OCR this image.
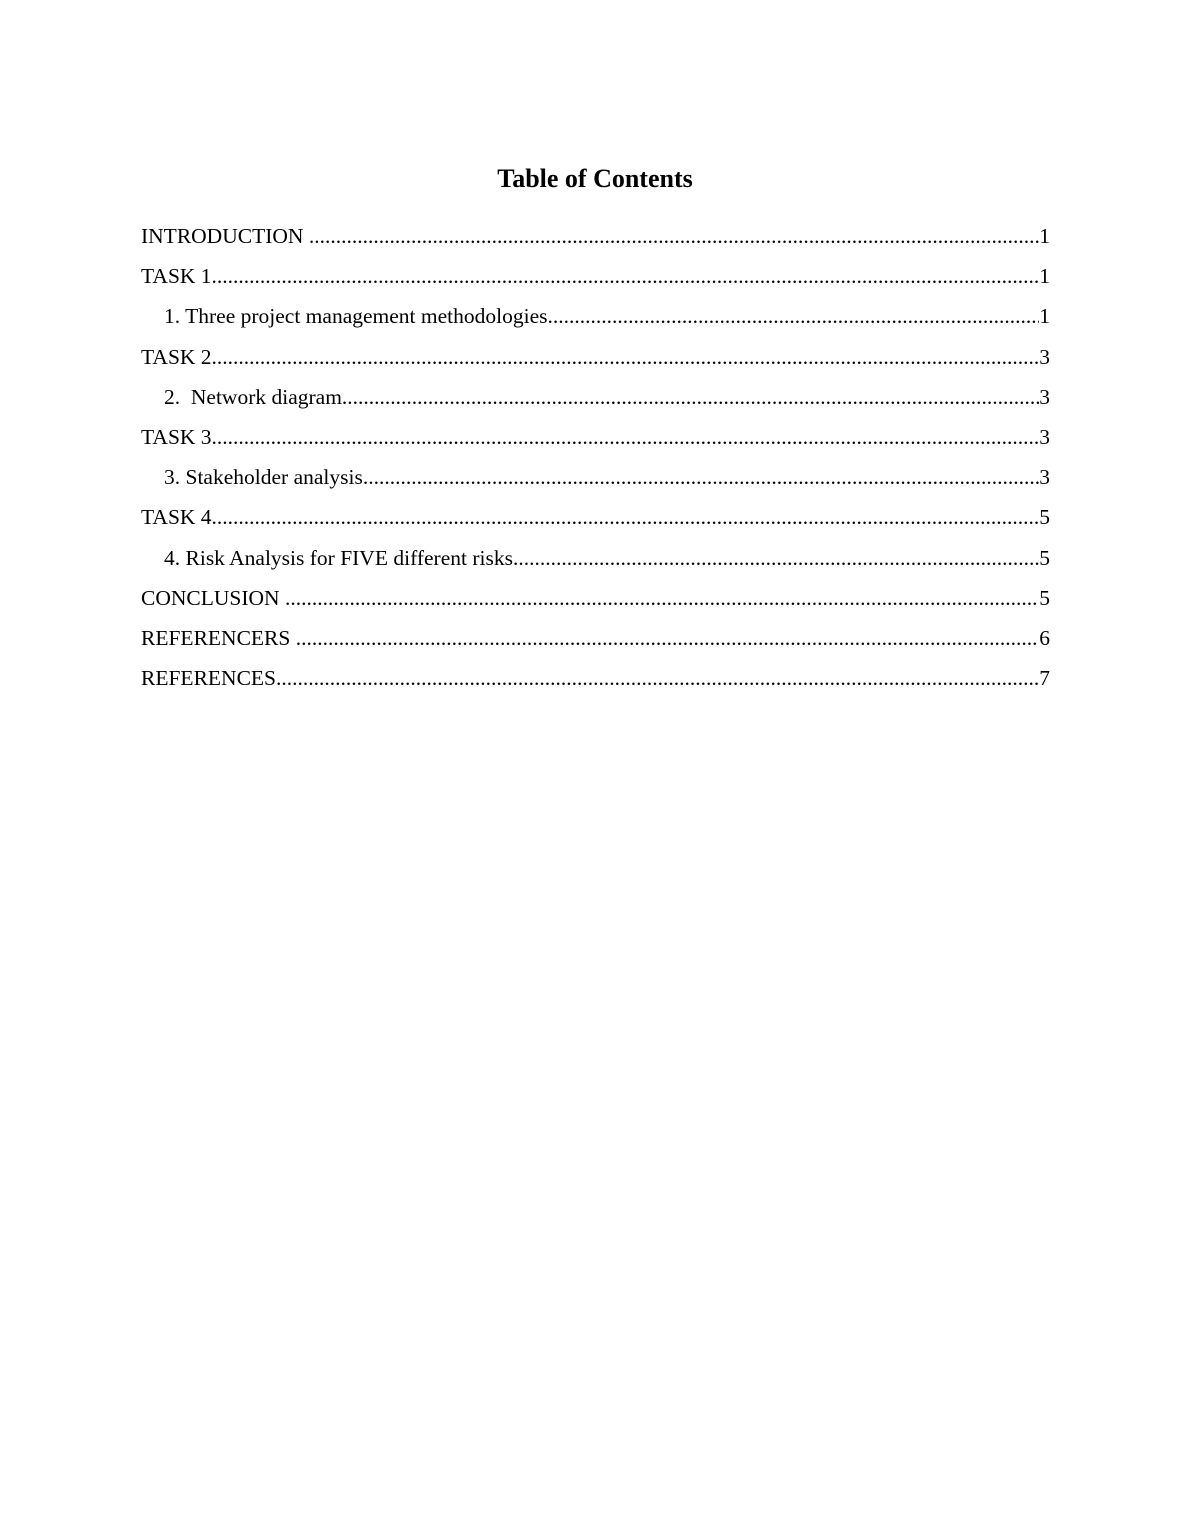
Table of Contents
INTRODUCTION .....	1
TASK 1 .....	1
1. Three project management methodologies .....	1
TASK 2 .....	3
2.  Network diagram .....	3
TASK 3 .....	3
3. Stakeholder analysis .....	3
TASK 4 .....	5
4. Risk Analysis for FIVE different risks .....	5
CONCLUSION .....	5
REFERENCERS .....	6
REFERENCES .....	7
